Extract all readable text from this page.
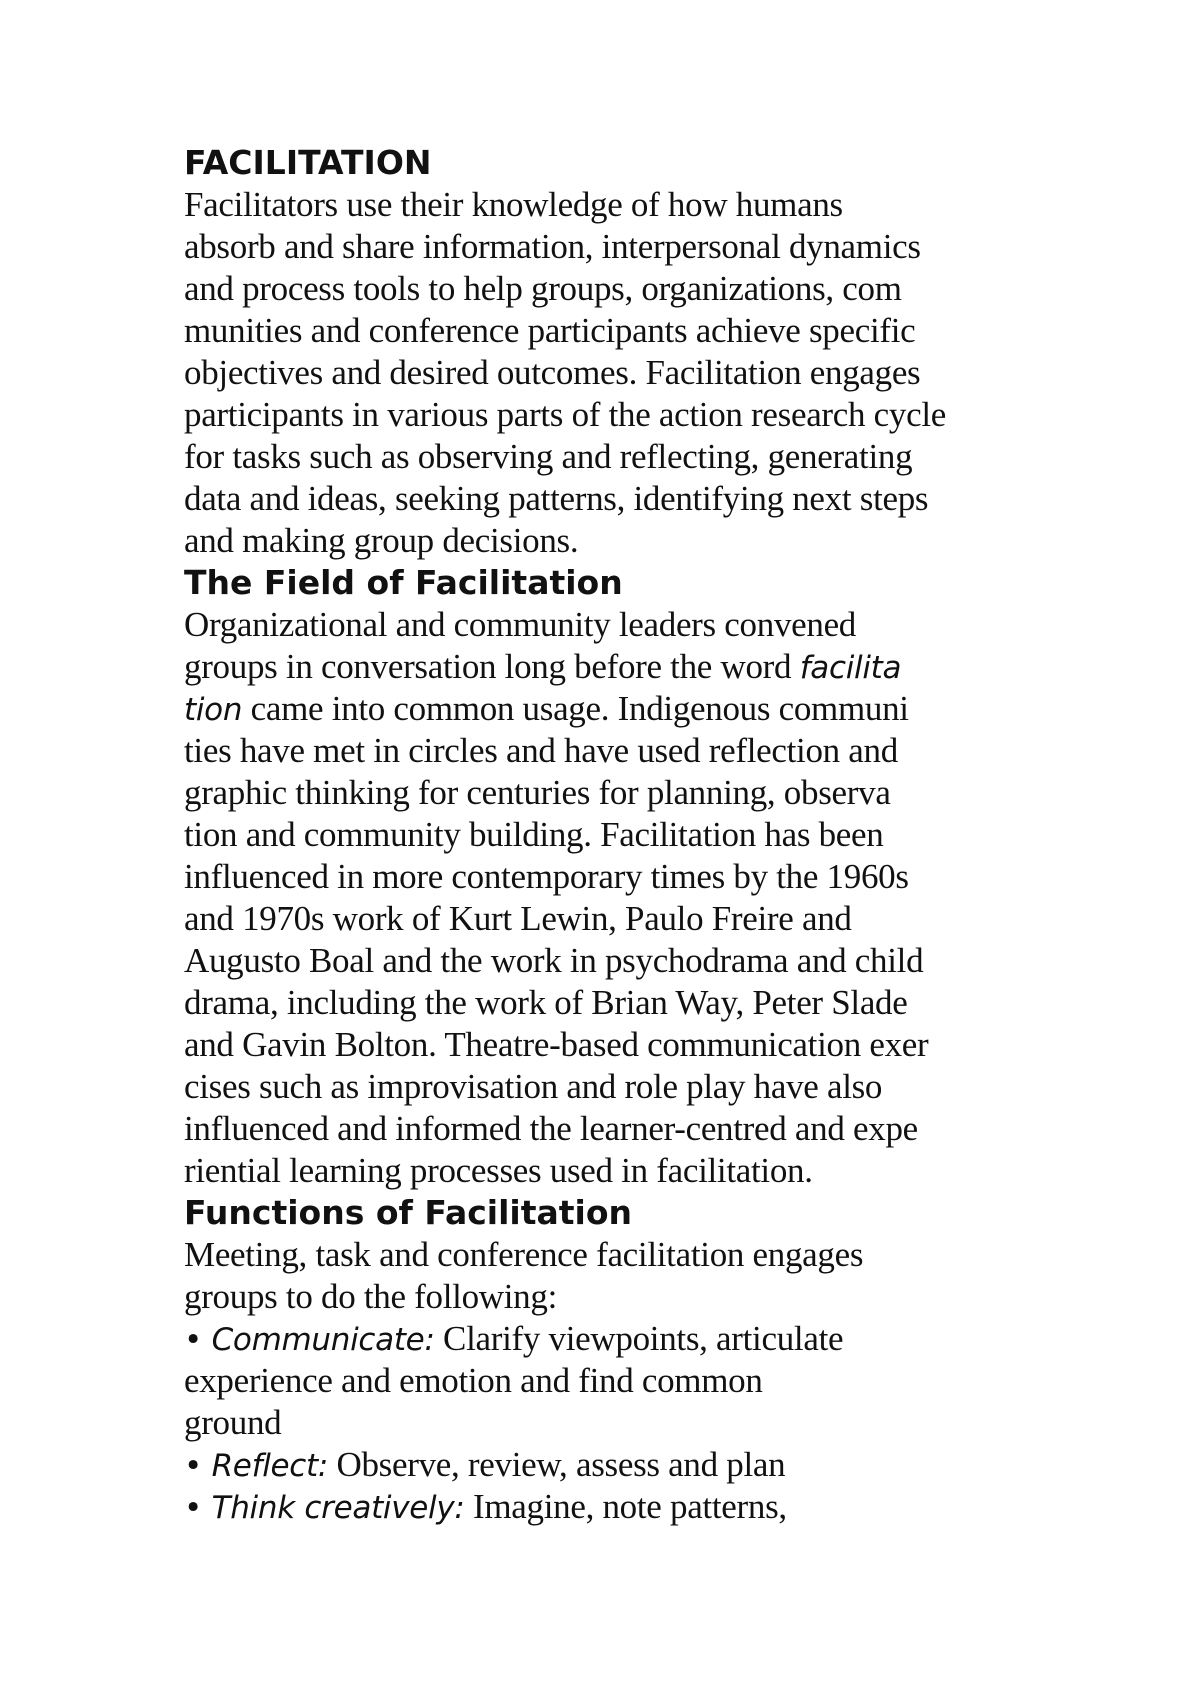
FACILITATION
Facilitators use their knowledge of how humans
absorb and share information, interpersonal dynamics
and process tools to help groups, organizations, com
munities and conference participants achieve specific
objectives and desired outcomes. Facilitation engages
participants in various parts of the action research cycle
for tasks such as observing and reflecting, generating
data and ideas, seeking patterns, identifying next steps
and making group decisions.
The Field of Facilitation
Organizational and community leaders convened
groups in conversation long before the word facilita
tion came into common usage. Indigenous communi
ties have met in circles and have used reflection and
graphic thinking for centuries for planning, observa
tion and community building. Facilitation has been
influenced in more contemporary times by the 1960s
and 1970s work of Kurt Lewin, Paulo Freire and
Augusto Boal and the work in psychodrama and child
drama, including the work of Brian Way, Peter Slade
and Gavin Bolton. Theatre-based communication exer
cises such as improvisation and role play have also
influenced and informed the learner-centred and expe
riential learning processes used in facilitation.
Functions of Facilitation
Meeting, task and conference facilitation engages
groups to do the following:
• Communicate: Clarify viewpoints, articulate
experience and emotion and find common
ground
• Reflect: Observe, review, assess and plan
• Think creatively: Imagine, note patterns,
